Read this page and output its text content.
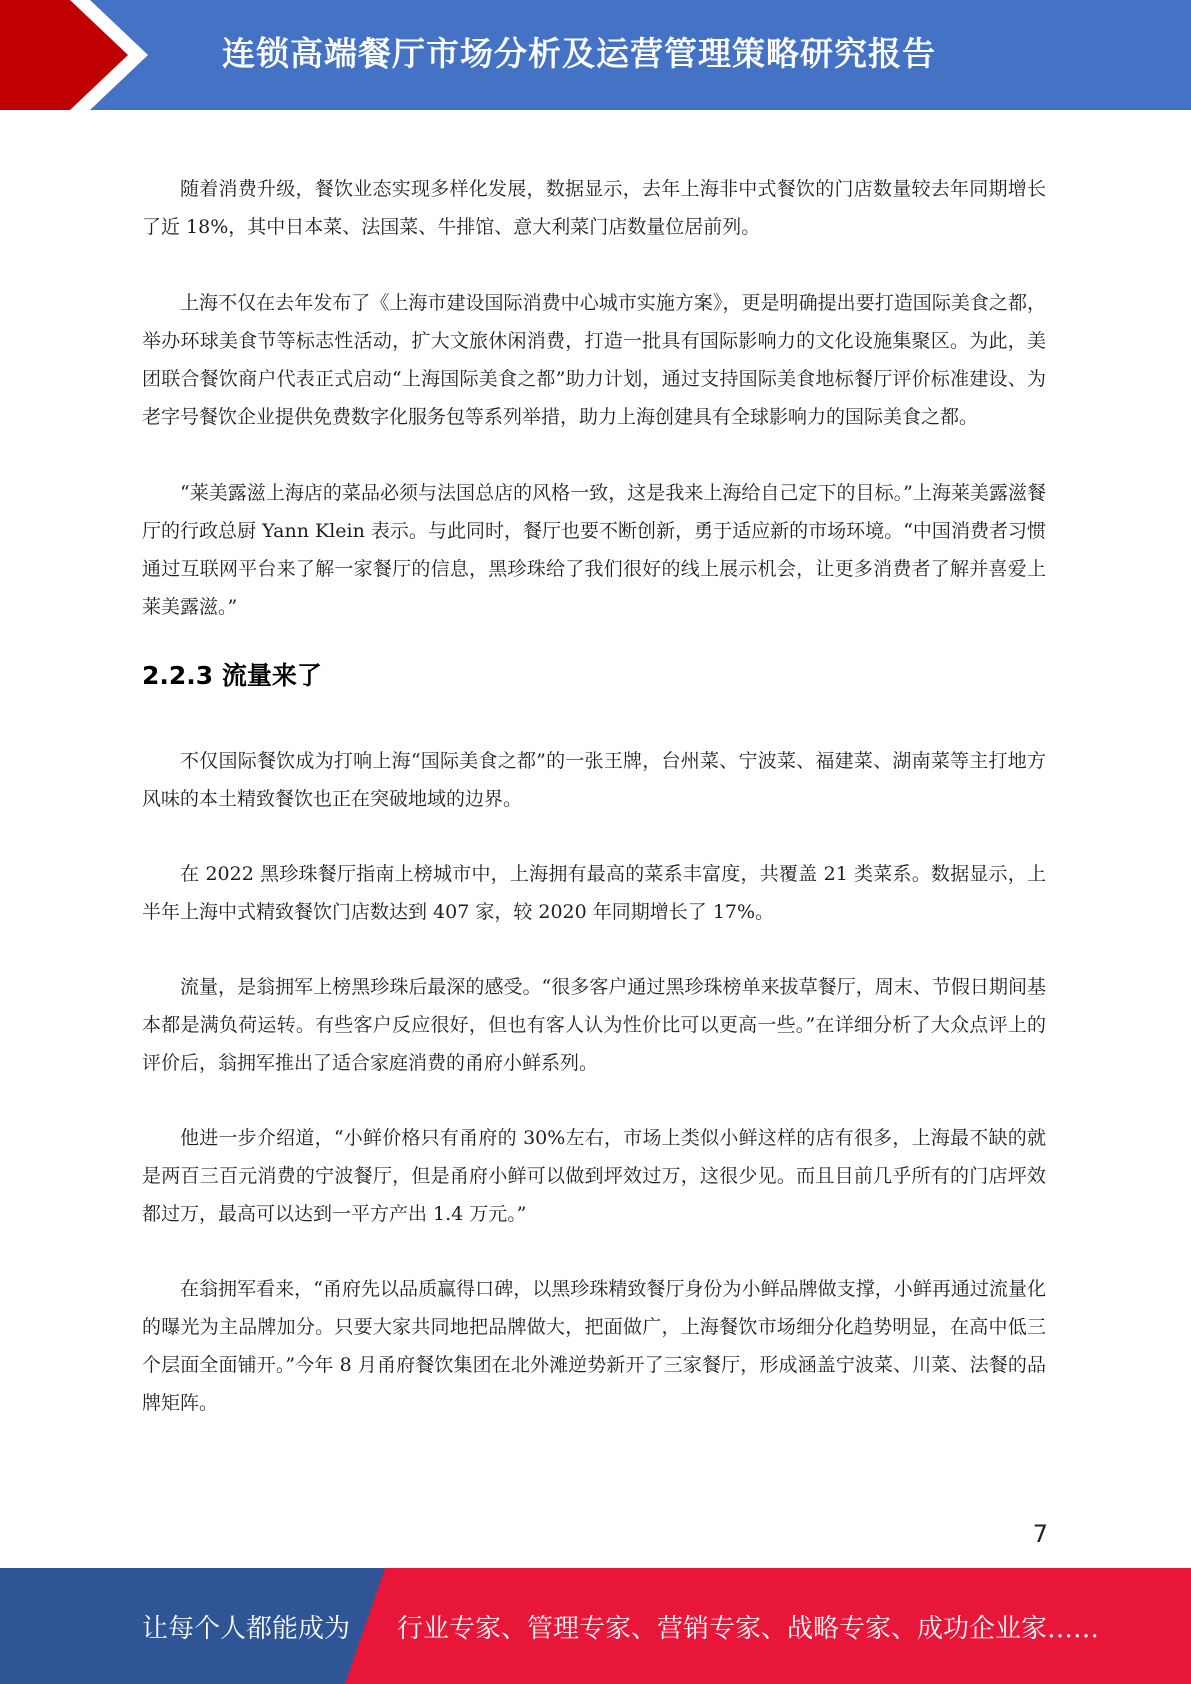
连锁高端餐厅市场分析及运营管理策略研究报告

随着消费升级，餐饮业态实现多样化发展，数据显示，去年上海非中式餐饮的门店数量较去年同期增长了近 18%，其中日本菜、法国菜、牛排馆、意大利菜门店数量位居前列。

上海不仅在去年发布了《上海市建设国际消费中心城市实施方案》，更是明确提出要打造国际美食之都，举办环球美食节等标志性活动，扩大文旅休闲消费，打造一批具有国际影响力的文化设施集聚区。为此，美团联合餐饮商户代表正式启动“上海国际美食之都”助力计划，通过支持国际美食地标餐厅评价标准建设、为老字号餐饮企业提供免费数字化服务包等系列举措，助力上海创建具有全球影响力的国际美食之都。

“莱美露滋上海店的菜品必须与法国总店的风格一致，这是我来上海给自己定下的目标。”上海莱美露滋餐厅的行政总厨 Yann Klein 表示。与此同时，餐厅也要不断创新，勇于适应新的市场环境。“中国消费者习惯通过互联网平台来了解一家餐厅的信息，黑珍珠给了我们很好的线上展示机会，让更多消费者了解并喜爱上莱美露滋。”

2.2.3 流量来了

不仅国际餐饮成为打响上海“国际美食之都”的一张王牌，台州菜、宁波菜、福建菜、湖南菜等主打地方风味的本土精致餐饮也正在突破地域的边界。

在 2022 黑珍珠餐厅指南上榜城市中，上海拥有最高的菜系丰富度，共覆盖 21 类菜系。数据显示，上半年上海中式精致餐饮门店数达到 407 家，较 2020 年同期增长了 17%。

流量，是翁拥军上榜黑珍珠后最深的感受。“很多客户通过黑珍珠榜单来拔草餐厅，周末、节假日期间基本都是满负荷运转。有些客户反应很好，但也有客人认为性价比可以更高一些。”在详细分析了大众点评上的评价后，翁拥军推出了适合家庭消费的甬府小鲜系列。

他进一步介绍道，“小鲜价格只有甬府的 30%左右，市场上类似小鲜这样的店有很多，上海最不缺的就是两百三百元消费的宁波餐厅，但是甬府小鲜可以做到坪效过万，这很少见。而且目前几乎所有的门店坪效都过万，最高可以达到一平方产出 1.4 万元。”

在翁拥军看来，“甬府先以品质赢得口碑，以黑珍珠精致餐厅身份为小鲜品牌做支撑，小鲜再通过流量化的曝光为主品牌加分。只要大家共同地把品牌做大，把面做广，上海餐饮市场细分化趋势明显，在高中低三个层面全面铺开。”今年 8 月甬府餐饮集团在北外滩逆势新开了三家餐厅，形成涵盖宁波菜、川菜、法餐的品牌矩阵。

7
让每个人都能成为 行业专家、管理专家、营销专家、战略专家、成功企业家……
